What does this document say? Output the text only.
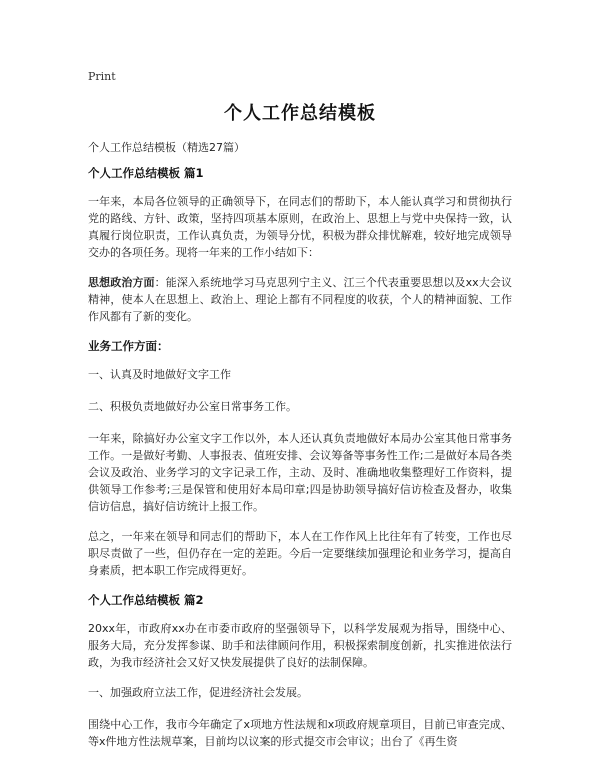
Print
个人工作总结模板
个人工作总结模板（精选27篇）
个人工作总结模板 篇1

一年来，本局各位领导的正确领导下，在同志们的帮助下，本人能认真学习和贯彻执行党的路线、方针、政策，坚持四项基本原则，在政治上、思想上与党中央保持一致，认真履行岗位职责，工作认真负责，为领导分忧，积极为群众排忧解难，较好地完成领导交办的各项任务。现将一年来的工作小结如下：

思想政治方面：能深入系统地学习马克思列宁主义、江三个代表重要思想以及xx大会议精神，使本人在思想上、政治上、理论上都有不同程度的收获，个人的精神面貌、工作作风都有了新的变化。

业务工作方面：

一、认真及时地做好文字工作

二、积极负责地做好办公室日常事务工作。

一年来，除搞好办公室文字工作以外，本人还认真负责地做好本局办公室其他日常事务工作。一是做好考勤、人事报表、值班安排、会议筹备等事务性工作;二是做好本局各类会议及政治、业务学习的文字记录工作，主动、及时、准确地收集整理好工作资料，提供领导工作参考;三是保管和使用好本局印章;四是协助领导搞好信访检查及督办，收集信访信息，搞好信访统计上报工作。

总之，一年来在领导和同志们的帮助下，本人在工作作风上比往年有了转变，工作也尽职尽责做了一些，但仍存在一定的差距。今后一定要继续加强理论和业务学习，提高自身素质，把本职工作完成得更好。

个人工作总结模板 篇2

20xx年，市政府xx办在市委市政府的坚强领导下，以科学发展观为指导，围绕中心、服务大局，充分发挥参谋、助手和法律顾问作用，积极探索制度创新，扎实推进依法行政，为我市经济社会又好又快发展提供了良好的法制保障。

一、加强政府立法工作，促进经济社会发展。

围绕中心工作，我市今年确定了x项地方性法规和x项政府规章项目，目前已审查完成、等x件地方性法规草案，目前均以议案的形式提交市会审议；出台了《再生资
